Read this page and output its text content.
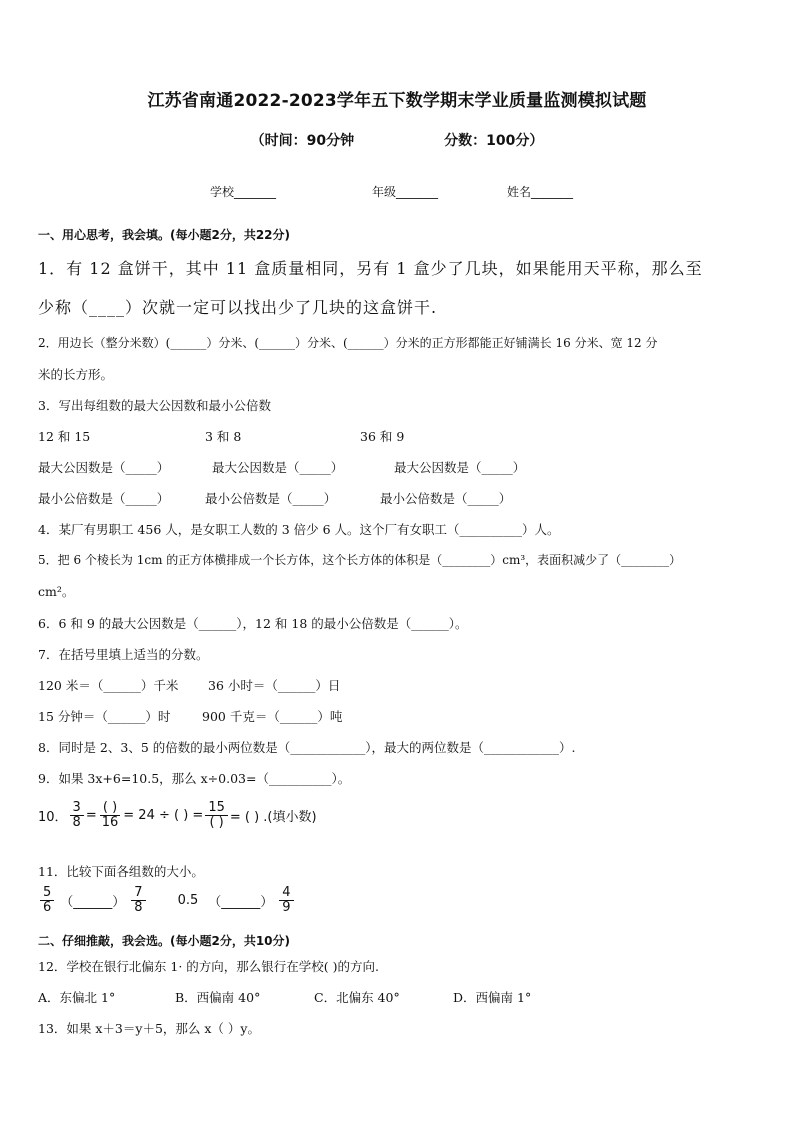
江苏省南通2022-2023学年五下数学期末学业质量监测模拟试题
（时间：90分钟	分数：100分）
学校_______	年级_______	姓名_______
一、用心思考，我会填。(每小题2分，共22分)
1．有 12 盒饼干，其中 11 盒质量相同，另有 1 盒少了几块，如果能用天平称，那么至
少称（____）次就一定可以找出少了几块的这盒饼干.
2．用边长（整分米数）(______）分米、(______）分米、(______）分米的正方形都能正好铺满长 16 分米、宽 12 分
米的长方形。
3．写出每组数的最大公因数和最小公倍数
12 和 15	3 和 8	36 和 9
最大公因数是（_____）	最大公因数是（_____）	最大公因数是（_____）
最小公倍数是（_____）	最小公倍数是（_____）	最小公倍数是（_____）
4．某厂有男职工 456 人，是女职工人数的 3 倍少 6 人。这个厂有女职工（__________）人。
5．把 6 个棱长为 1cm 的正方体横排成一个长方体，这个长方体的体积是（________）cm³，表面积减少了（________）
cm²。
6．6 和 9 的最大公因数是（______），12 和 18 的最小公倍数是（______）。
7．在括号里填上适当的分数。
120 米＝（______）千米 36 小时＝（______）日
15 分钟＝（______）时	900 千克＝（______）吨
8．同时是 2、3、5 的倍数的最小两位数是（____________），最大的两位数是（____________）.
9．如果 3x+6=10.5，那么 x÷0.03=（__________）。
10． $\frac{3}{8} = \frac{( )}{16} = 24$ ÷ ( ) = $\frac{15}{( )}$ = ( ) .(填小数)
11．比较下面各组数的大小。
$\frac{5}{6}$ （______） $\frac{7}{8} 0.5$ （______） $\frac{4}{9}$
二、仔细推敲，我会选。(每小题2分，共10分)
12．学校在银行北偏东 1· 的方向，那么银行在学校( )的方向.
A．东偏北 1°	B．西偏南 40°	C．北偏东 40°	D．西偏南 1°
13．如果 x＋3＝y＋5，那么 x（ ）y。
